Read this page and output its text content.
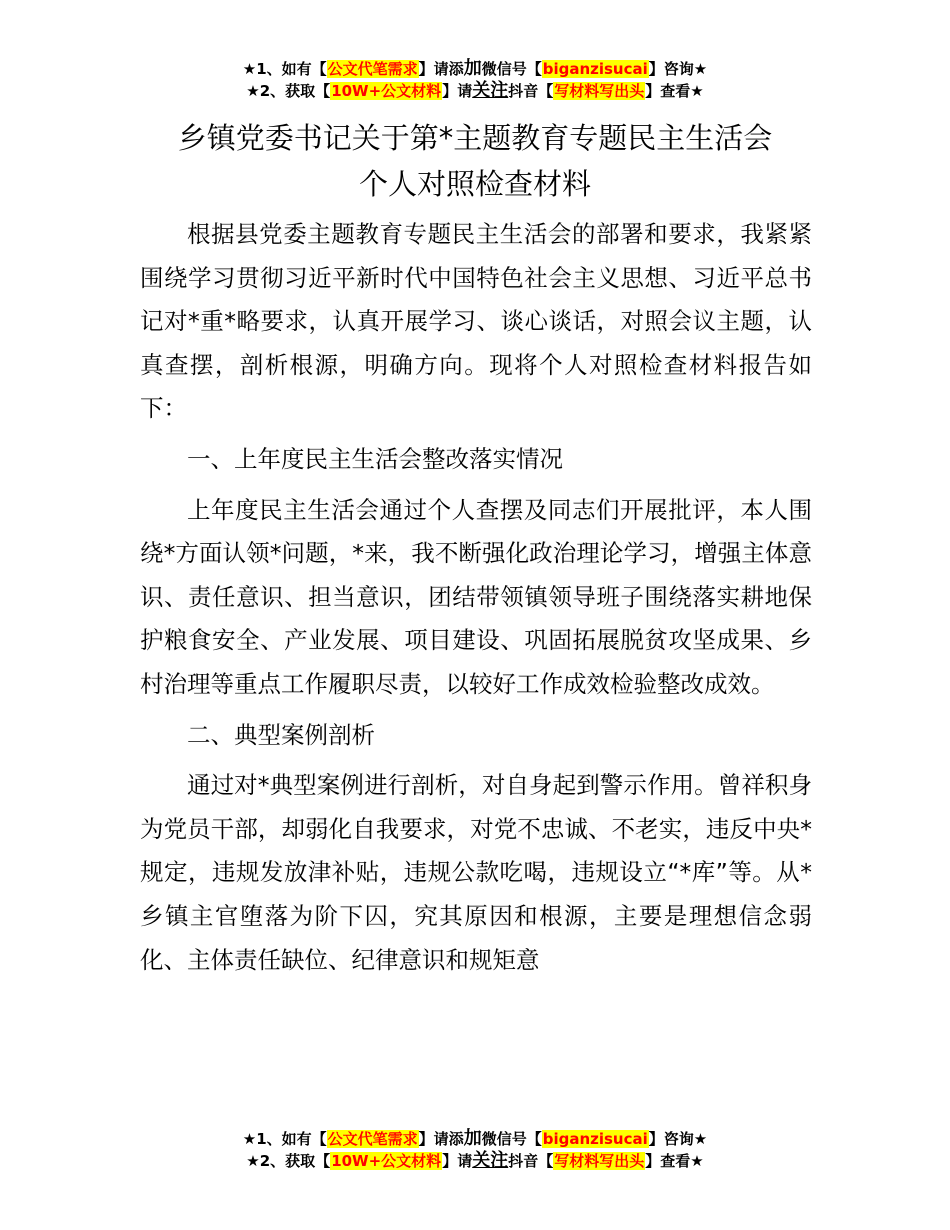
★1、如有【公文代笔需求】请添加微信号【biganzisucai】咨询★
★2、获取【10W+公文材料】请关注抖音【写材料写出头】查看★
乡镇党委书记关于第*主题教育专题民主生活会
个人对照检查材料

根据县党委主题教育专题民主生活会的部署和要求，我紧紧围绕学习贯彻习近平新时代中国特色社会主义思想、习近平总书记对*重*略要求，认真开展学习、谈心谈话，对照会议主题，认真查摆，剖析根源，明确方向。现将个人对照检查材料报告如下：

一、上年度民主生活会整改落实情况

上年度民主生活会通过个人查摆及同志们开展批评，本人围绕*方面认领*问题，*来，我不断强化政治理论学习，增强主体意识、责任意识、担当意识，团结带领镇领导班子围绕落实耕地保护粮食安全、产业发展、项目建设、巩固拓展脱贫攻坚成果、乡村治理等重点工作履职尽责，以较好工作成效检验整改成效。

二、典型案例剖析

通过对*典型案例进行剖析，对自身起到警示作用。曾祥积身为党员干部，却弱化自我要求，对党不忠诚、不老实，违反中央*规定，违规发放津补贴，违规公款吃喝，违规设立“*库”等。从*乡镇主官堕落为阶下囚，究其原因和根源，主要是理想信念弱化、主体责任缺位、纪律意识和规矩意

★1、如有【公文代笔需求】请添加微信号【biganzisucai】咨询★
★2、获取【10W+公文材料】请关注抖音【写材料写出头】查看★
